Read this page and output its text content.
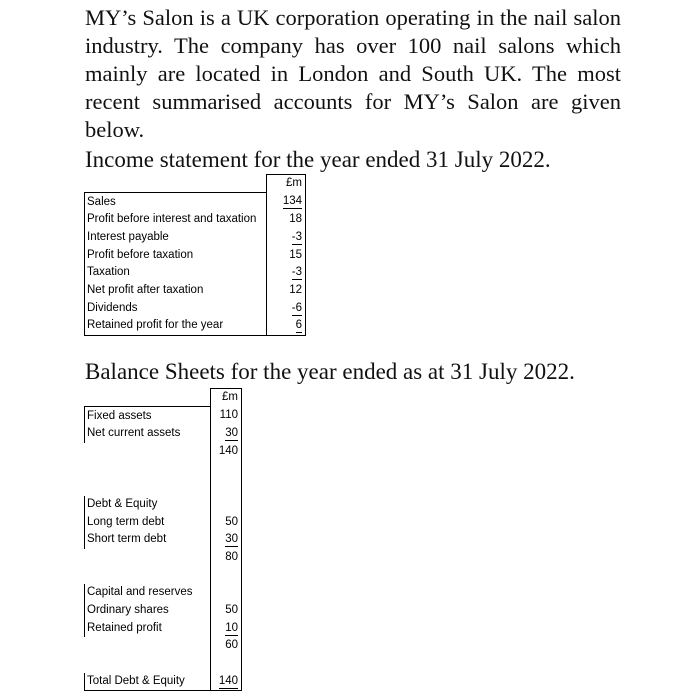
MY’s Salon is a UK corporation operating in the nail salon industry. The company has over 100 nail salons which mainly are located in London and South UK. The most recent summarised accounts for MY’s Salon are given below.

Income statement for the year ended 31 July 2022.
	£m
Sales	134
Profit before interest and taxation	18
Interest payable	-3
Profit before taxation	15
Taxation	-3
Net profit after taxation	12
Dividends	-6
Retained profit for the year	6
Balance Sheets for the year ended as at 31 July 2022.
	£m
Fixed assets	110
Net current assets	30
	140

Debt & Equity	
Long term debt	50
Short term debt	30
	80

Capital and reserves	
Ordinary shares	50
Retained profit	10
	60

Total Debt & Equity	140
